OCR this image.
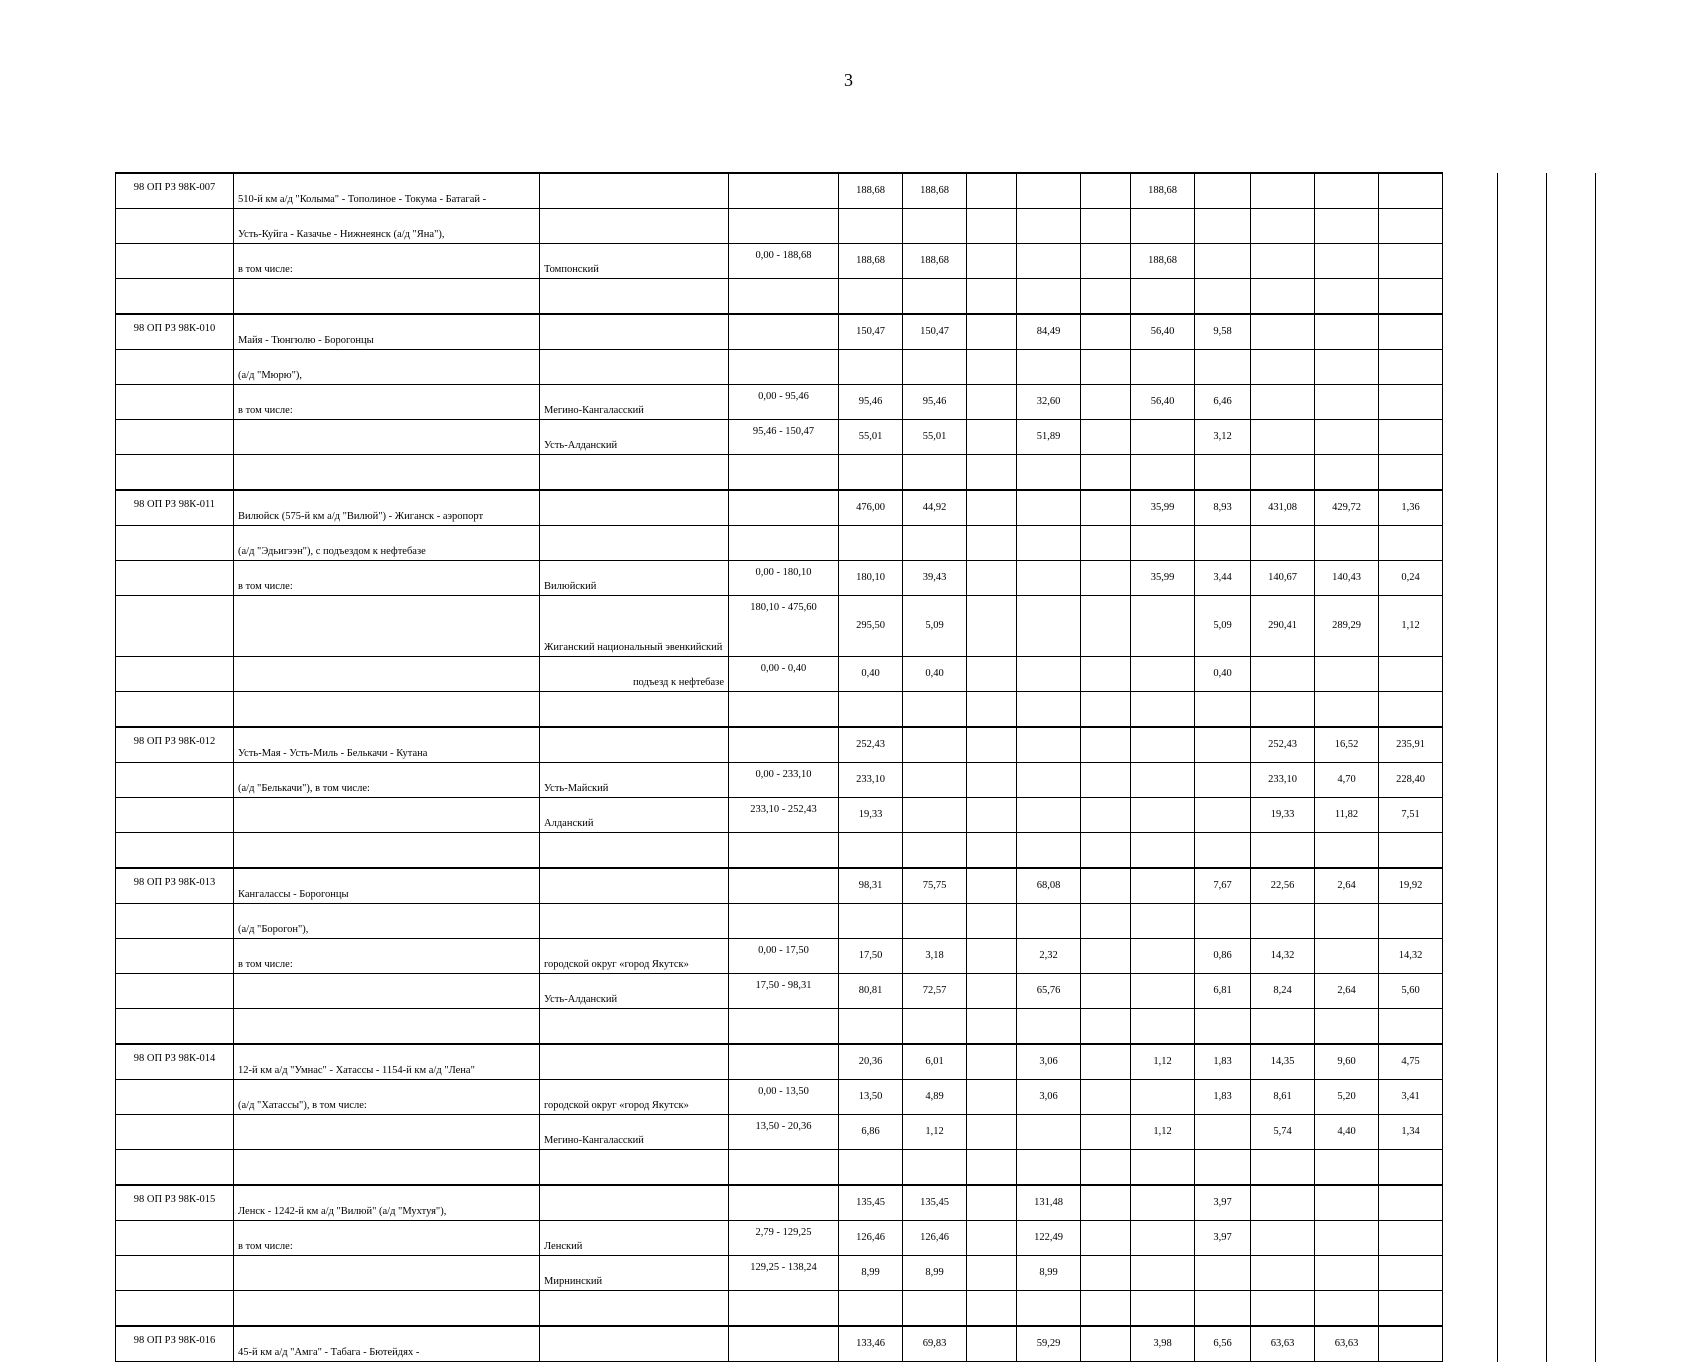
3
98 ОП РЗ 98К-007	510-й км а/д "Колыма" - Тополиное - Токума - Батагай -			188,68	188,68				188,68							
	Усть-Куйга - Казачье - Нижнеянск (а/д "Яна"),															
	в том числе:	Томпонский	0,00 - 188,68	188,68	188,68				188,68							

98 ОП РЗ 98К-010	Майя - Тюнгюлю - Борогонцы			150,47	150,47		84,49		56,40	9,58						
	(а/д "Мюрю"),															
	в том числе:	Мегино-Кангаласский	0,00 - 95,46	95,46	95,46		32,60		56,40	6,46						
		Усть-Алданский	95,46 - 150,47	55,01	55,01		51,89			3,12						

98 ОП РЗ 98К-011	Вилюйск (575-й км а/д "Вилюй") - Жиганск - аэропорт			476,00	44,92				35,99	8,93	431,08	429,72	1,36			
	(а/д "Эдьигээн"), с подъездом к нефтебазе															
	в том числе:	Вилюйский	0,00 - 180,10	180,10	39,43				35,99	3,44	140,67	140,43	0,24			
		Жиганский национальный эвенкийский	180,10 - 475,60	295,50	5,09					5,09	290,41	289,29	1,12			
		подъезд к нефтебазе	0,00 - 0,40	0,40	0,40					0,40						

98 ОП РЗ 98К-012	Усть-Мая - Усть-Миль - Белькачи - Кутана			252,43							252,43	16,52	235,91			
	(а/д "Белькачи"), в том числе:	Усть-Майский	0,00 - 233,10	233,10							233,10	4,70	228,40			
		Алданский	233,10 - 252,43	19,33							19,33	11,82	7,51			

98 ОП РЗ 98К-013	Кангалассы - Борогонцы			98,31	75,75		68,08			7,67	22,56	2,64	19,92			
	(а/д "Борогон"),															
	в том числе:	городской округ «город Якутск»	0,00 - 17,50	17,50	3,18		2,32			0,86	14,32		14,32			
		Усть-Алданский	17,50 - 98,31	80,81	72,57		65,76			6,81	8,24	2,64	5,60			

98 ОП РЗ 98К-014	12-й км а/д "Умнас" - Хатассы - 1154-й км а/д "Лена"			20,36	6,01		3,06		1,12	1,83	14,35	9,60	4,75			
	(а/д "Хатассы"), в том числе:	городской округ «город Якутск»	0,00 - 13,50	13,50	4,89		3,06			1,83	8,61	5,20	3,41			
		Мегино-Кангаласский	13,50 - 20,36	6,86	1,12				1,12		5,74	4,40	1,34			

98 ОП РЗ 98К-015	Ленск - 1242-й км а/д "Вилюй" (а/д "Мухтуя"),			135,45	135,45		131,48			3,97						
	в том числе:	Ленский	2,79 - 129,25	126,46	126,46		122,49			3,97						
		Мирнинский	129,25 - 138,24	8,99	8,99		8,99									

98 ОП РЗ 98К-016	45-й км а/д "Амга" - Табага - Бютейдях -			133,46	69,83		59,29		3,98	6,56	63,63	63,63				
